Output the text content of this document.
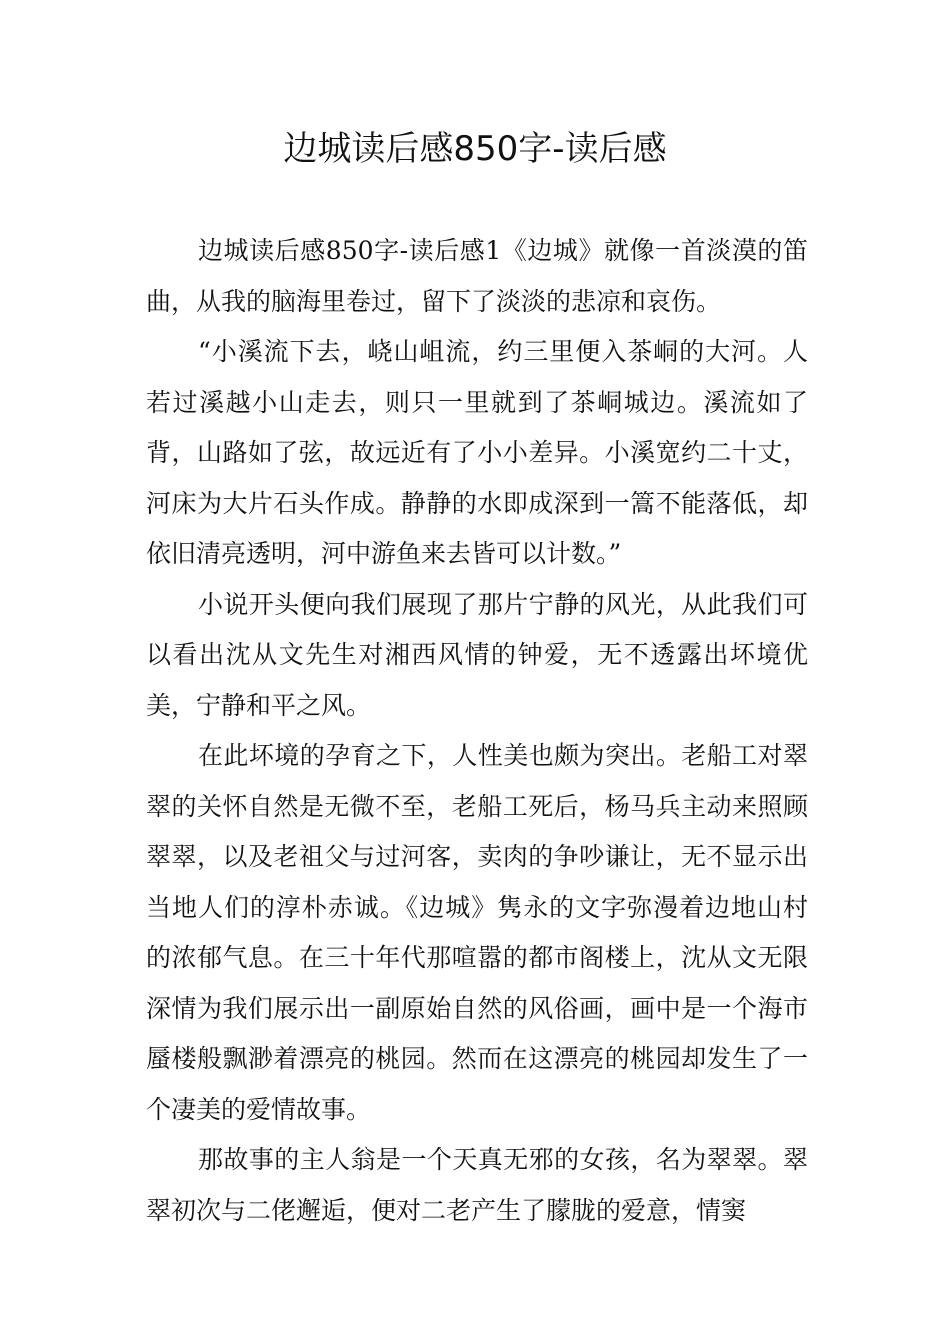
边城读后感850字-读后感

边城读后感850字-读后感1《边城》就像一首淡漠的笛曲，从我的脑海里卷过，留下了淡淡的悲凉和哀伤。

“小溪流下去，峣山岨流，约三里便入茶峒的大河。人若过溪越小山走去，则只一里就到了茶峒城边。溪流如了背，山路如了弦，故远近有了小小差异。小溪宽约二十丈，河床为大片石头作成。静静的水即成深到一篙不能落低，却依旧清亮透明，河中游鱼来去皆可以计数。”

小说开头便向我们展现了那片宁静的风光，从此我们可以看出沈从文先生对湘西风情的钟爱，无不透露出坏境优美，宁静和平之风。

在此坏境的孕育之下，人性美也颇为突出。老船工对翠翠的关怀自然是无微不至，老船工死后，杨马兵主动来照顾翠翠，以及老祖父与过河客，卖肉的争吵谦让，无不显示出当地人们的淳朴赤诚。《边城》隽永的文字弥漫着边地山村的浓郁气息。在三十年代那喧嚣的都市阁楼上，沈从文无限深情为我们展示出一副原始自然的风俗画，画中是一个海市蜃楼般飘渺着漂亮的桃园。然而在这漂亮的桃园却发生了一个凄美的爱情故事。

那故事的主人翁是一个天真无邪的女孩，名为翠翠。翠翠初次与二佬邂逅，便对二老产生了朦胧的爱意，情窦
